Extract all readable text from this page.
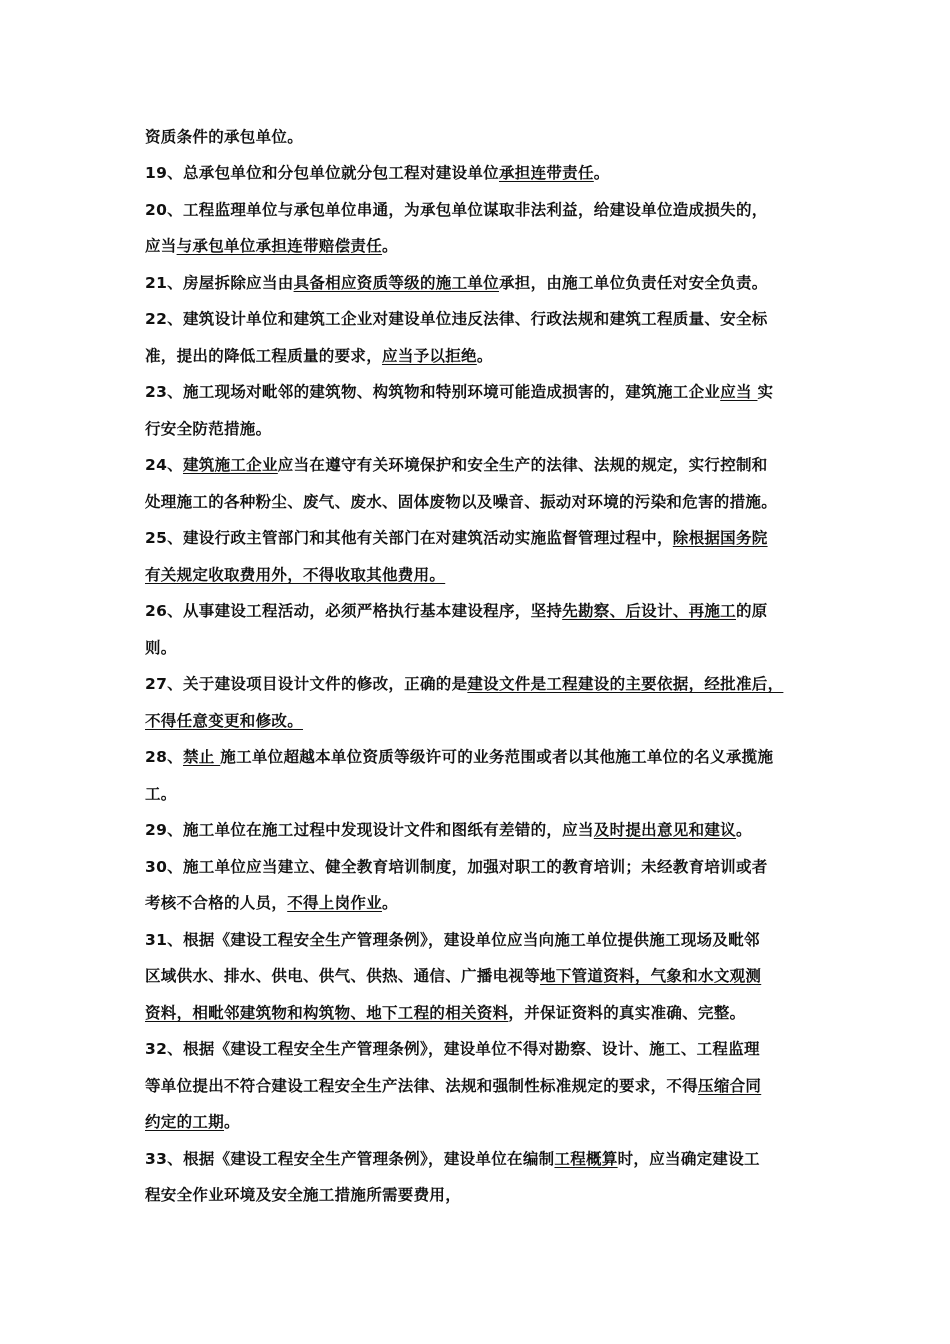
资质条件的承包单位。
19、总承包单位和分包单位就分包工程对建设单位承担连带责任。
20、工程监理单位与承包单位串通，为承包单位谋取非法利益，给建设单位造成损失的，
应当与承包单位承担连带赔偿责任。
21、房屋拆除应当由具备相应资质等级的施工单位承担，由施工单位负责任对安全负责。
22、建筑设计单位和建筑工企业对建设单位违反法律、行政法规和建筑工程质量、安全标
准，提出的降低工程质量的要求，应当予以拒绝。
23、施工现场对毗邻的建筑物、构筑物和特别环境可能造成损害的，建筑施工企业应当 实
行安全防范措施。
24、建筑施工企业应当在遵守有关环境保护和安全生产的法律、法规的规定，实行控制和
处理施工的各种粉尘、废气、废水、固体废物以及噪音、振动对环境的污染和危害的措施。
25、建设行政主管部门和其他有关部门在对建筑活动实施监督管理过程中，除根据国务院
有关规定收取费用外，不得收取其他费用。
26、从事建设工程活动，必须严格执行基本建设程序，坚持先勘察、后设计、再施工的原
则。
27、关于建设项目设计文件的修改，正确的是建设文件是工程建设的主要依据，经批准后，
不得任意变更和修改。
28、禁止 施工单位超越本单位资质等级许可的业务范围或者以其他施工单位的名义承揽施
工。
29、施工单位在施工过程中发现设计文件和图纸有差错的，应当及时提出意见和建议。
30、施工单位应当建立、健全教育培训制度，加强对职工的教育培训；未经教育培训或者
考核不合格的人员，不得上岗作业。
31、根据《建设工程安全生产管理条例》，建设单位应当向施工单位提供施工现场及毗邻
区域供水、排水、供电、供气、供热、通信、广播电视等地下管道资料，气象和水文观测
资料，相毗邻建筑物和构筑物、地下工程的相关资料，并保证资料的真实准确、完整。
32、根据《建设工程安全生产管理条例》，建设单位不得对勘察、设计、施工、工程监理
等单位提出不符合建设工程安全生产法律、法规和强制性标准规定的要求，不得压缩合同
约定的工期。
33、根据《建设工程安全生产管理条例》，建设单位在编制工程概算时，应当确定建设工
程安全作业环境及安全施工措施所需要费用，
